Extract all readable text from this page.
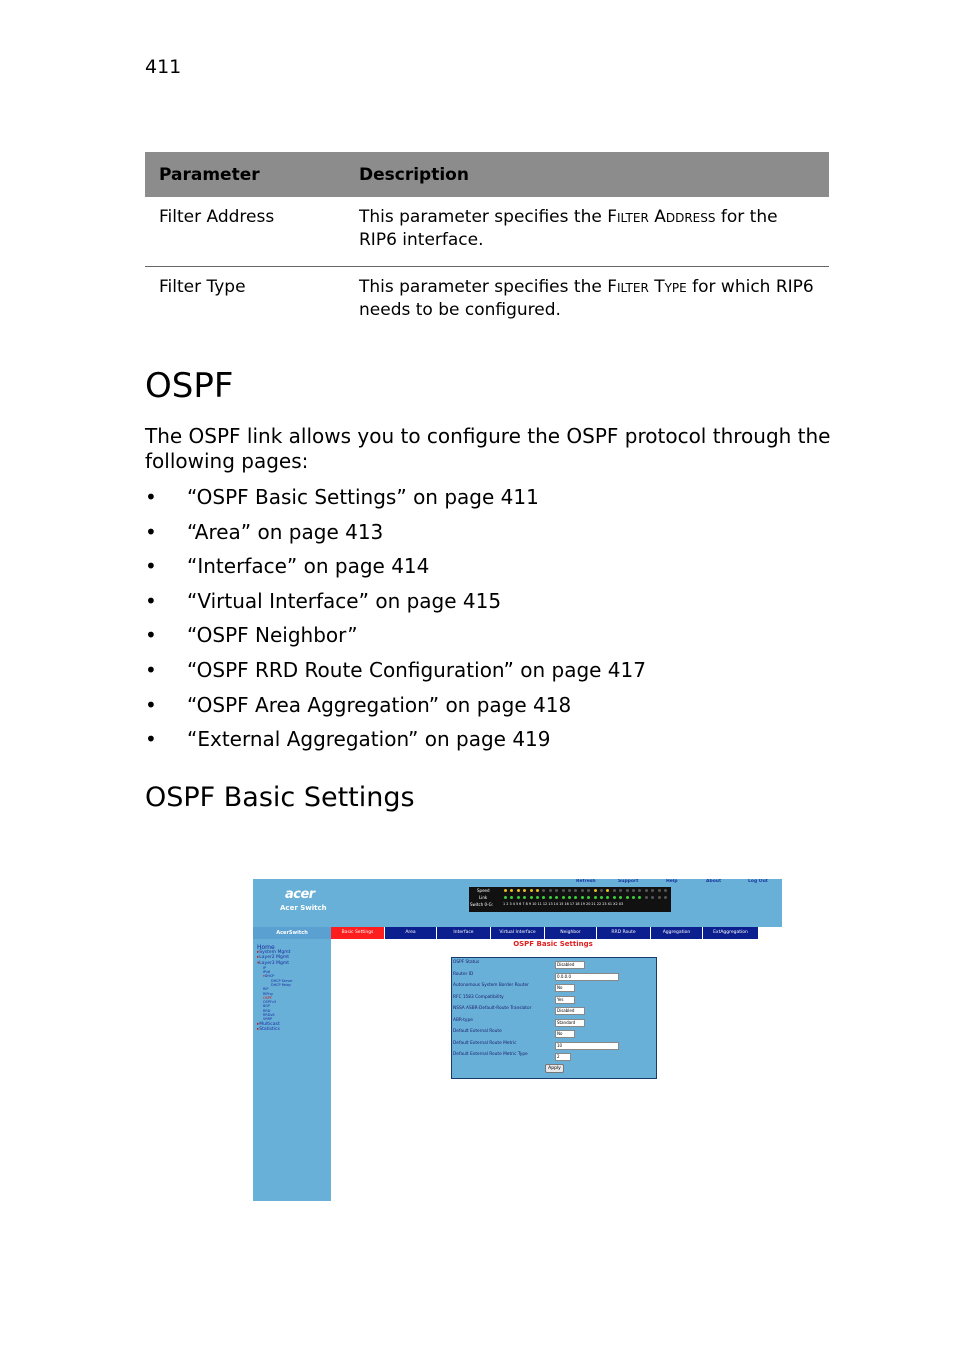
411
Parameter	Description
Filter Address	This parameter specifies the Filter Address for the RIP6 interface.
Filter Type	This parameter specifies the Filter Type for which RIP6 needs to be configured.
OSPF
The OSPF link allows you to configure the OSPF protocol through the following pages:
• “OSPF Basic Settings” on page 411
• “Area” on page 413
• “Interface” on page 414
• “Virtual Interface” on page 415
• “OSPF Neighbor”
• “OSPF RRD Route Configuration” on page 417
• “OSPF Area Aggregation” on page 418
• “External Aggregation” on page 419
OSPF Basic Settings
acer
Acer Switch
Refresh	Support	Help	About	Log Out
Speed
Link
Switch 0-G:	1 2 3 4 5 6 7 8 9 10 11 12 13 14 15 16 17 18 19 20 21 22 23 X1 X2 X3
AcerSwitch	Basic Settings	Area	Interface	Virtual Interface	Neighbor	RRD Route	Aggregation	ExtAggregation
Home
▸System Mgmt
▸Layer2 Mgmt
▾Layer3 Mgmt
IP
IPv6
▾DHCP
DHCP Server
DHCP Relay
RIP
RIPng
OSPF
OSPFv3
BGP
RRD
RRDv6
VRRP
▸Multicast
▸Statistics
OSPF Basic Settings
OSPF Status	Disabled
Router ID	0.0.0.0
Autonomous System Border Router	No
RFC 1583 Compatibility	Yes
NSSA ASBR-Default-Route Translator	Disabled
ABR-type	Standard
Default External Route	No
Default External Route Metric	10
Default External Route Metric Type	2
Apply
